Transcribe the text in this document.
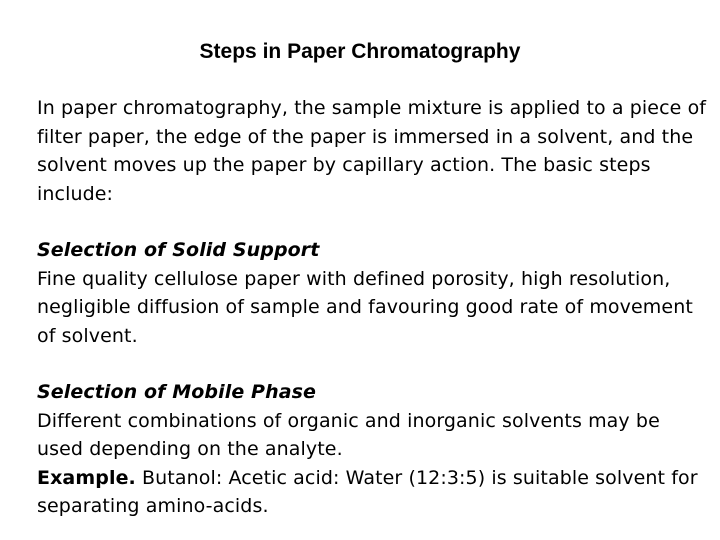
Steps in Paper Chromatography

In paper chromatography, the sample mixture is applied to a piece of filter paper, the edge of the paper is immersed in a solvent, and the solvent moves up the paper by capillary action. The basic steps include:

Selection of Solid Support

Fine quality cellulose paper with defined porosity, high resolution, negligible diffusion of sample and favouring good rate of movement of solvent.

Selection of Mobile Phase

Different combinations of organic and inorganic solvents may be used depending on the analyte.

Example. Butanol: Acetic acid: Water (12:3:5) is suitable solvent for separating amino-acids.
